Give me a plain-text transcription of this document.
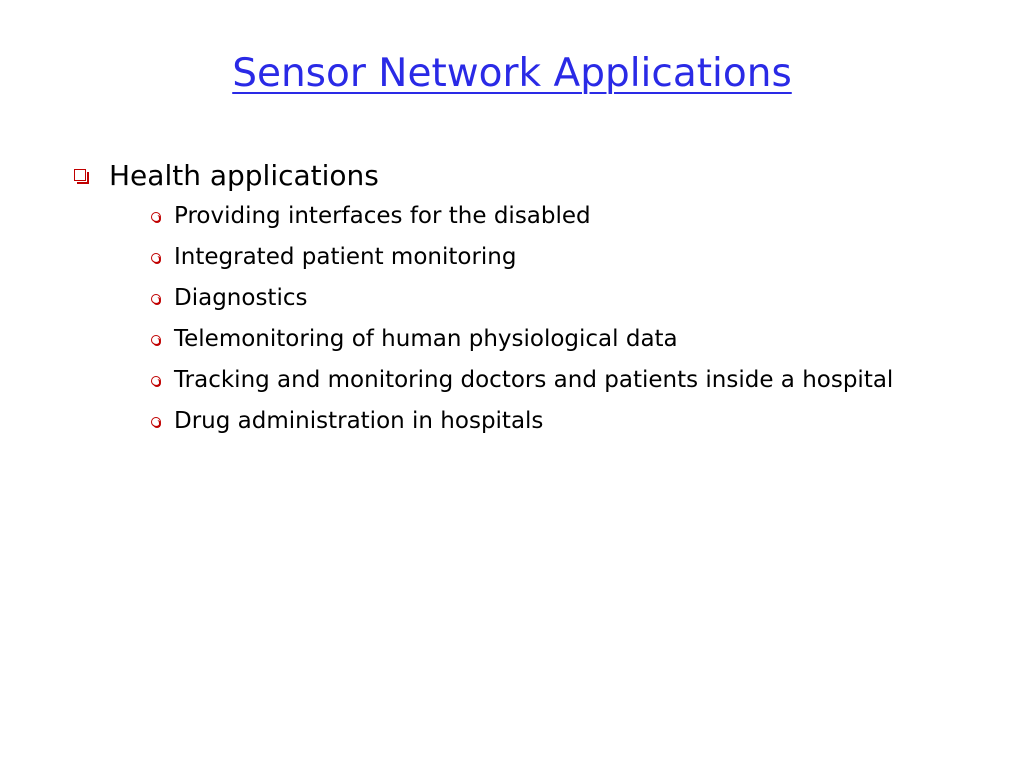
Sensor Network Applications
Health applications
Providing interfaces for the disabled
Integrated patient monitoring
Diagnostics
Telemonitoring of human physiological data
Tracking and monitoring doctors and patients inside a hospital
Drug administration in hospitals
